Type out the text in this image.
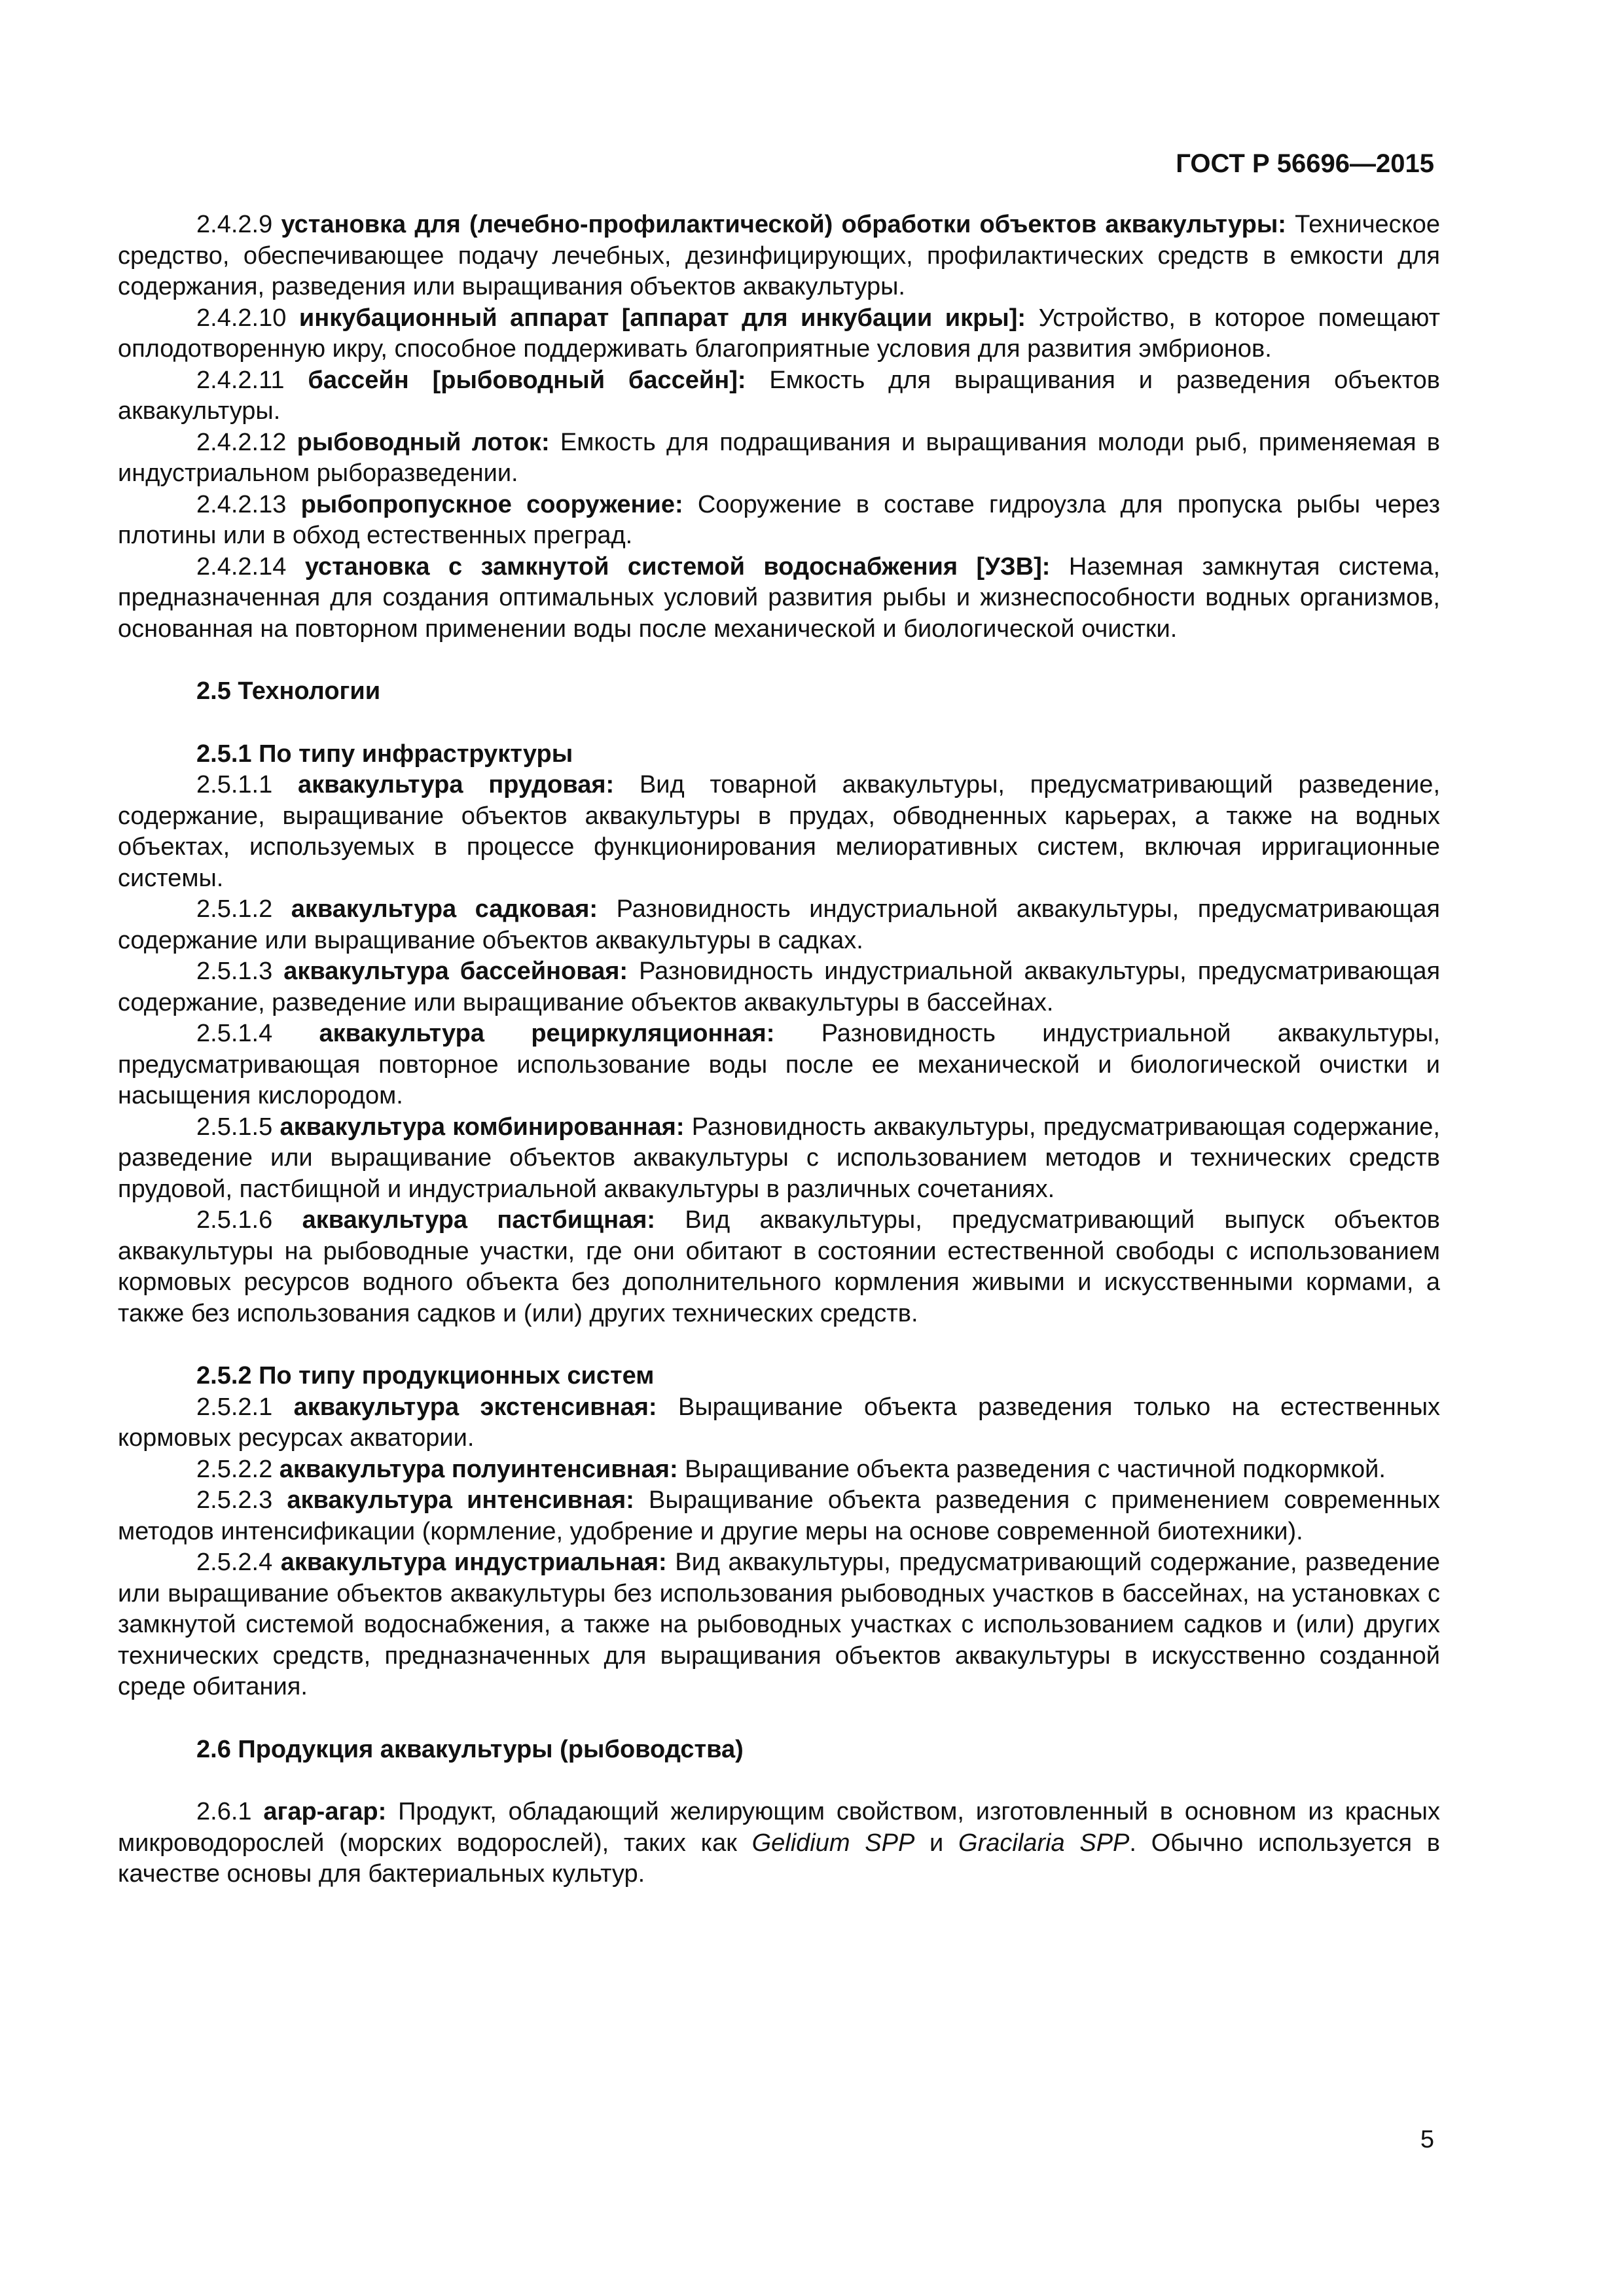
ГОСТ Р 56696—2015

2.4.2.9 установка для (лечебно-профилактической) обработки объектов аквакультуры: Техническое средство, обеспечивающее подачу лечебных, дезинфицирующих, профилактических средств в емкости для содержания, разведения или выращивания объектов аквакультуры.

2.4.2.10 инкубационный аппарат [аппарат для инкубации икры]: Устройство, в которое помещают оплодотворенную икру, способное поддерживать благоприятные условия для развития эмбрионов.

2.4.2.11 бассейн [рыбоводный бассейн]: Емкость для выращивания и разведения объектов аквакультуры.

2.4.2.12 рыбоводный лоток: Емкость для подращивания и выращивания молоди рыб, применяемая в индустриальном рыборазведении.

2.4.2.13 рыбопропускное сооружение: Сооружение в составе гидроузла для пропуска рыбы через плотины или в обход естественных преград.

2.4.2.14 установка с замкнутой системой водоснабжения [УЗВ]: Наземная замкнутая система, предназначенная для создания оптимальных условий развития рыбы и жизнеспособности водных организмов, основанная на повторном применении воды после механической и биологической очистки.

2.5 Технологии

2.5.1 По типу инфраструктуры

2.5.1.1 аквакультура прудовая: Вид товарной аквакультуры, предусматривающий разведение, содержание, выращивание объектов аквакультуры в прудах, обводненных карьерах, а также на водных объектах, используемых в процессе функционирования мелиоративных систем, включая ирригационные системы.

2.5.1.2 аквакультура садковая: Разновидность индустриальной аквакультуры, предусматривающая содержание или выращивание объектов аквакультуры в садках.

2.5.1.3 аквакультура бассейновая: Разновидность индустриальной аквакультуры, предусматривающая содержание, разведение или выращивание объектов аквакультуры в бассейнах.

2.5.1.4 аквакультура рециркуляционная: Разновидность индустриальной аквакультуры, предусматривающая повторное использование воды после ее механической и биологической очистки и насыщения кислородом.

2.5.1.5 аквакультура комбинированная: Разновидность аквакультуры, предусматривающая содержание, разведение или выращивание объектов аквакультуры с использованием методов и технических средств прудовой, пастбищной и индустриальной аквакультуры в различных сочетаниях.

2.5.1.6 аквакультура пастбищная: Вид аквакультуры, предусматривающий выпуск объектов аквакультуры на рыбоводные участки, где они обитают в состоянии естественной свободы с использованием кормовых ресурсов водного объекта без дополнительного кормления живыми и искусственными кормами, а также без использования садков и (или) других технических средств.

2.5.2 По типу продукционных систем

2.5.2.1 аквакультура экстенсивная: Выращивание объекта разведения только на естественных кормовых ресурсах акватории.

2.5.2.2 аквакультура полуинтенсивная: Выращивание объекта разведения с частичной подкормкой.

2.5.2.3 аквакультура интенсивная: Выращивание объекта разведения с применением современных методов интенсификации (кормление, удобрение и другие меры на основе современной биотехники).

2.5.2.4 аквакультура индустриальная: Вид аквакультуры, предусматривающий содержание, разведение или выращивание объектов аквакультуры без использования рыбоводных участков в бассейнах, на установках с замкнутой системой водоснабжения, а также на рыбоводных участках с использованием садков и (или) других технических средств, предназначенных для выращивания объектов аквакультуры в искусственно созданной среде обитания.

2.6 Продукция аквакультуры (рыбоводства)

2.6.1 агар-агар: Продукт, обладающий желирующим свойством, изготовленный в основном из красных микроводорослей (морских водорослей), таких как Gelidium SPP и Gracilaria SPP. Обычно используется в качестве основы для бактериальных культур.

5
